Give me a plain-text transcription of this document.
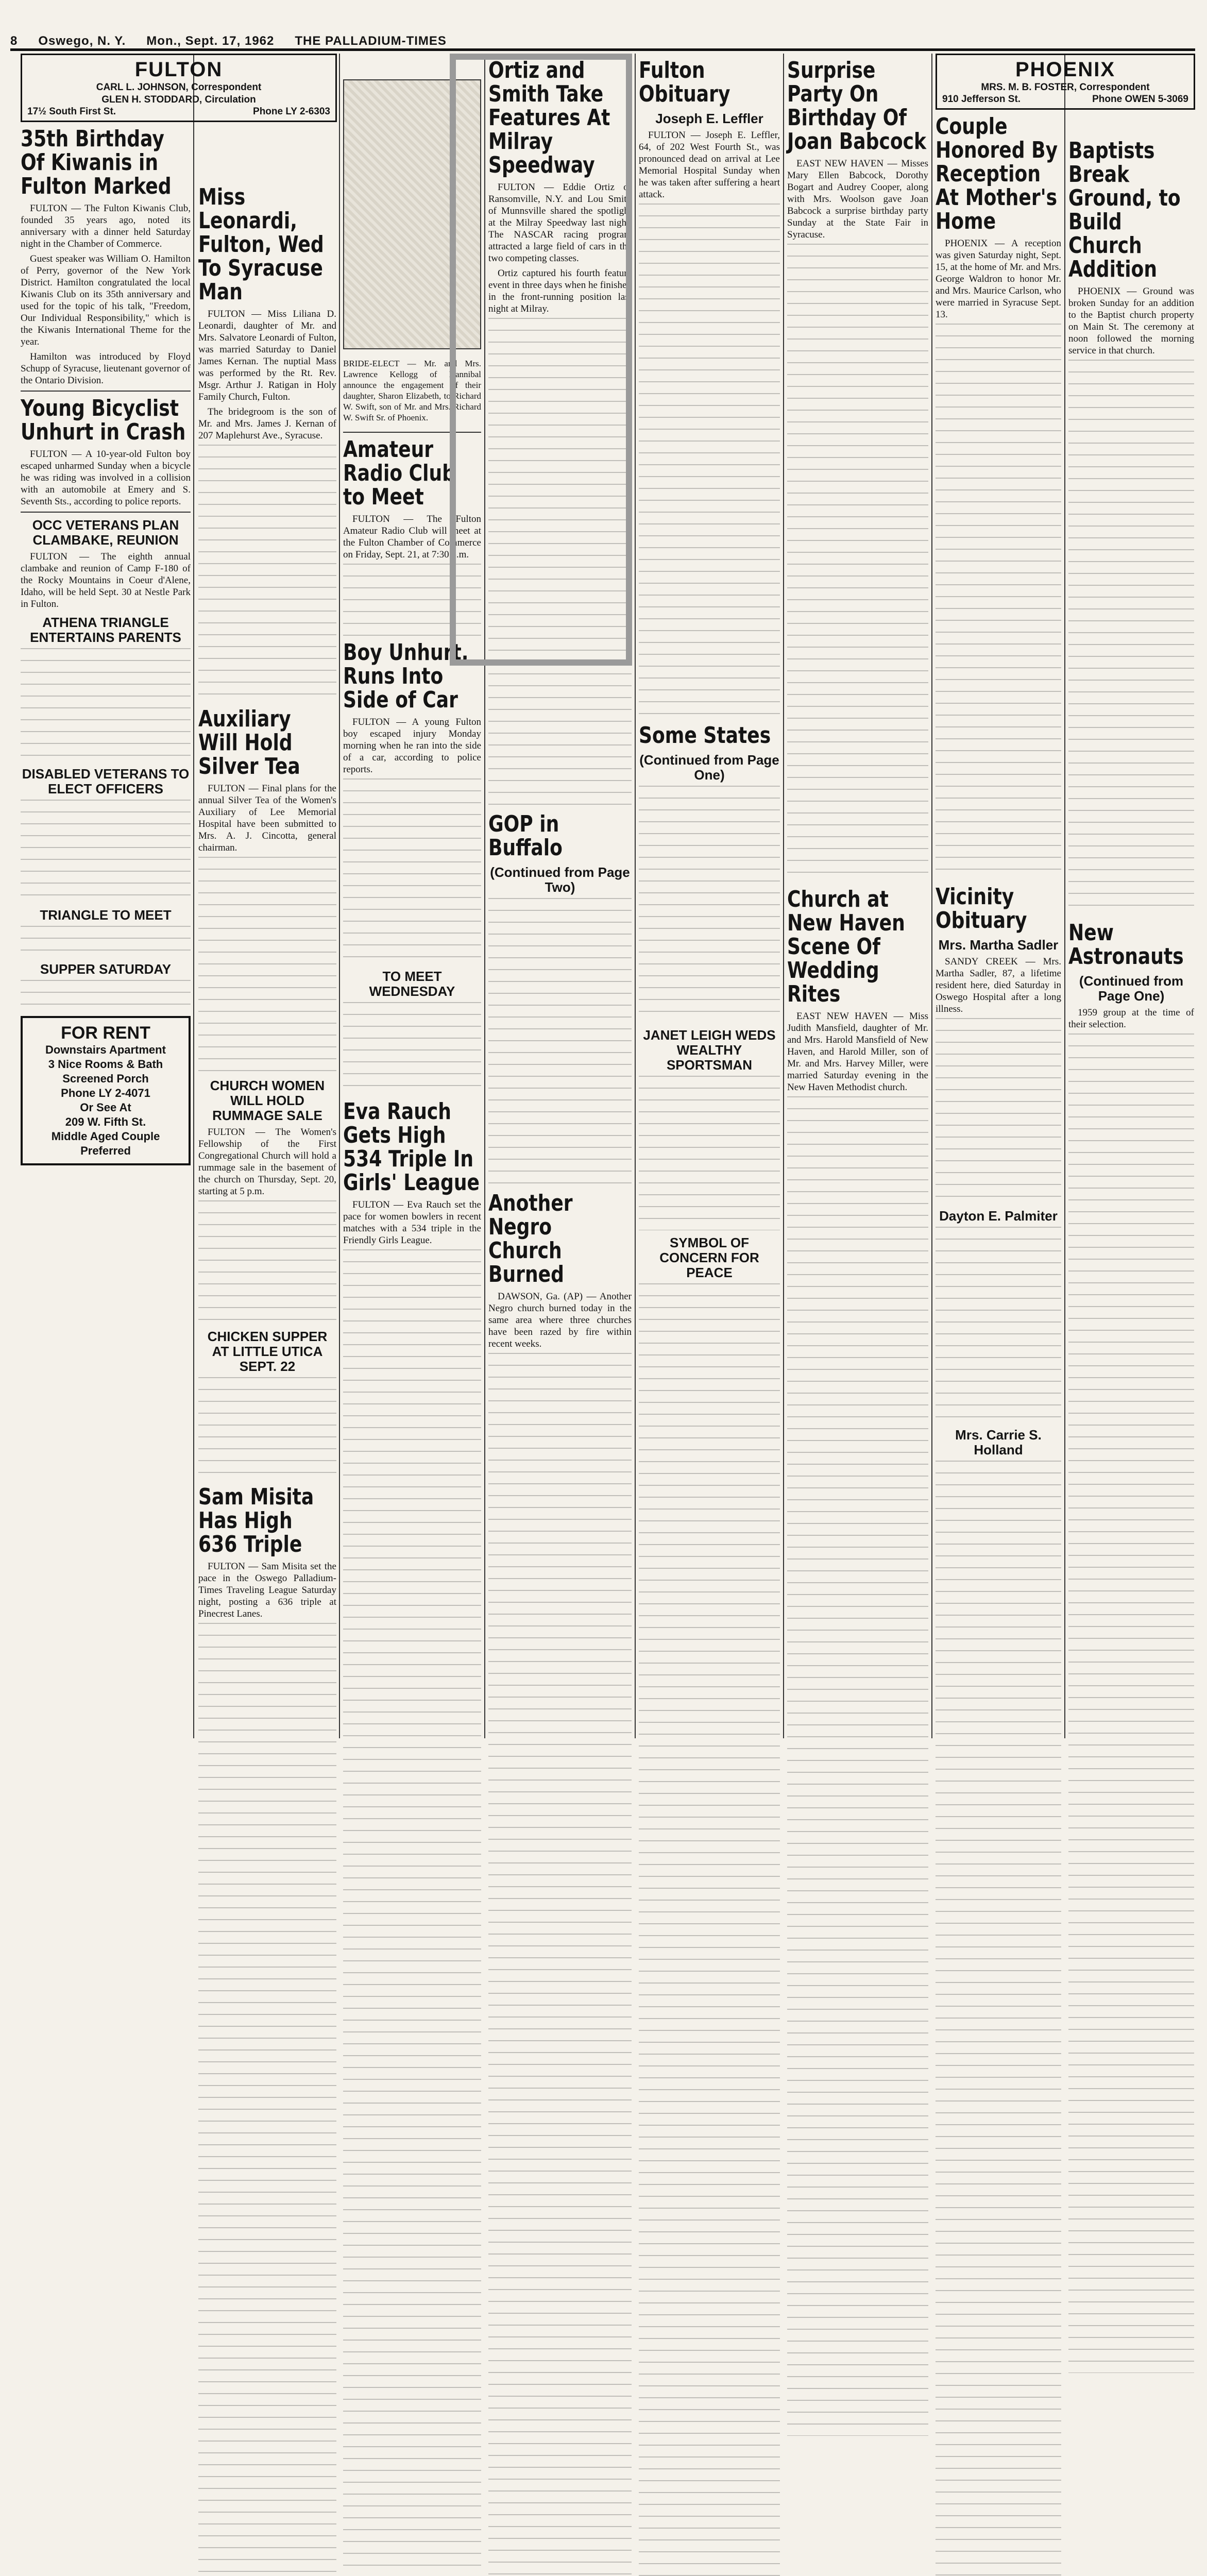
8 Oswego, N. Y. Mon., Sept. 17, 1962 THE PALLADIUM-TIMES
FULTON
CARL L. JOHNSON, Correspondent
GLEN H. STODDARD, Circulation
17½ South First St.	Phone LY 2-6303
35th Birthday Of Kiwanis in Fulton Marked

FULTON — The Fulton Kiwanis Club, founded 35 years ago, noted its anniversary with a dinner held Saturday night in the Chamber of Commerce.

Guest speaker was William O. Hamilton of Perry, governor of the New York District. Hamilton congratulated the local Kiwanis Club on its 35th anniversary and used for the topic of his talk, "Freedom, Our Individual Responsibility," which is the Kiwanis International Theme for the year.

Hamilton was introduced by Floyd Schupp of Syracuse, lieutenant governor of the Ontario Division.

Young Bicyclist Unhurt in Crash

FULTON — A 10-year-old Fulton boy escaped unharmed Sunday when a bicycle he was riding was involved in a collision with an automobile at Emery and S. Seventh Sts., according to police reports.

OCC VETERANS PLAN CLAMBAKE, REUNION

FULTON — The eighth annual clambake and reunion of Camp F-180 of the Rocky Mountains in Coeur d'Alene, Idaho, will be held Sept. 30 at Nestle Park in Fulton.

ATHENA TRIANGLE ENTERTAINS PARENTS
DISABLED VETERANS TO ELECT OFFICERS
TRIANGLE TO MEET
SUPPER SATURDAY
FOR RENT
Downstairs Apartment
3 Nice Rooms & Bath Screened Porch
Phone LY 2-4071
Or See At
209 W. Fifth St.
Middle Aged Couple Preferred
Miss Leonardi, Fulton, Wed To Syracuse Man

FULTON — Miss Liliana D. Leonardi, daughter of Mr. and Mrs. Salvatore Leonardi of Fulton, was married Saturday to Daniel James Kernan. The nuptial Mass was performed by the Rt. Rev. Msgr. Arthur J. Ratigan in Holy Family Church, Fulton.

The bridegroom is the son of Mr. and Mrs. James J. Kernan of 207 Maplehurst Ave., Syracuse.

Auxiliary Will Hold Silver Tea

FULTON — Final plans for the annual Silver Tea of the Women's Auxiliary of Lee Memorial Hospital have been submitted to Mrs. A. J. Cincotta, general chairman.

CHURCH WOMEN WILL HOLD RUMMAGE SALE

FULTON — The Women's Fellowship of the First Congregational Church will hold a rummage sale in the basement of the church on Thursday, Sept. 20, starting at 5 p.m.

CHICKEN SUPPER AT LITTLE UTICA SEPT. 22
Sam Misita Has High 636 Triple

FULTON — Sam Misita set the pace in the Oswego Palladium-Times Traveling League Saturday night, posting a 636 triple at Pinecrest Lanes.

BRIDE-ELECT — Mr. and Mrs. Lawrence Kellogg of Hannibal announce the engagement of their daughter, Sharon Elizabeth, to Richard W. Swift, son of Mr. and Mrs. Richard W. Swift Sr. of Phoenix.

Amateur Radio Club to Meet

FULTON — The Fulton Amateur Radio Club will meet at the Fulton Chamber of Commerce on Friday, Sept. 21, at 7:30 p.m.

Boy Unhurt, Runs Into Side of Car

FULTON — A young Fulton boy escaped injury Monday morning when he ran into the side of a car, according to police reports.

TO MEET WEDNESDAY
Eva Rauch Gets High 534 Triple In Girls' League

FULTON — Eva Rauch set the pace for women bowlers in recent matches with a 534 triple in the Friendly Girls League.

Ortiz and Smith Take Features At Milray Speedway

FULTON — Eddie Ortiz of Ransomville, N.Y. and Lou Smith of Munnsville shared the spotlight at the Milray Speedway last night. The NASCAR racing program attracted a large field of cars in the two competing classes.

Ortiz captured his fourth feature event in three days when he finished in the front-running position last night at Milray.

GOP in Buffalo
(Continued from Page Two)
Another Negro Church Burned

DAWSON, Ga. (AP) — Another Negro church burned today in the same area where three churches have been razed by fire within recent weeks.

Fulton Obituary
Joseph E. Leffler

FULTON — Joseph E. Leffler, 64, of 202 West Fourth St., was pronounced dead on arrival at Lee Memorial Hospital Sunday when he was taken after suffering a heart attack.

Some States
(Continued from Page One)
JANET LEIGH WEDS WEALTHY SPORTSMAN
SYMBOL OF CONCERN FOR PEACE
Surprise Party On Birthday Of Joan Babcock

EAST NEW HAVEN — Misses Mary Ellen Babcock, Dorothy Bogart and Audrey Cooper, along with Mrs. Woolson gave Joan Babcock a surprise birthday party Sunday at the State Fair in Syracuse.

Church at New Haven Scene Of Wedding Rites

EAST NEW HAVEN — Miss Judith Mansfield, daughter of Mr. and Mrs. Harold Mansfield of New Haven, and Harold Miller, son of Mr. and Mrs. Harvey Miller, were married Saturday evening in the New Haven Methodist church.

PHOENIX
MRS. M. B. FOSTER, Correspondent
910 Jefferson St.	Phone OWEN 5-3069
Couple Honored By Reception At Mother's Home

PHOENIX — A reception was given Saturday night, Sept. 15, at the home of Mr. and Mrs. George Waldron to honor Mr. and Mrs. Maurice Carlson, who were married in Syracuse Sept. 13.

Vicinity Obituary
Mrs. Martha Sadler

SANDY CREEK — Mrs. Martha Sadler, 87, a lifetime resident here, died Saturday in Oswego Hospital after a long illness.

Dayton E. Palmiter
Mrs. Carrie S. Holland
Baptists Break Ground, to Build Church Addition

PHOENIX — Ground was broken Sunday for an addition to the Baptist church property on Main St. The ceremony at noon followed the morning service in that church.

New Astronauts
(Continued from Page One)

1959 group at the time of their selection.
